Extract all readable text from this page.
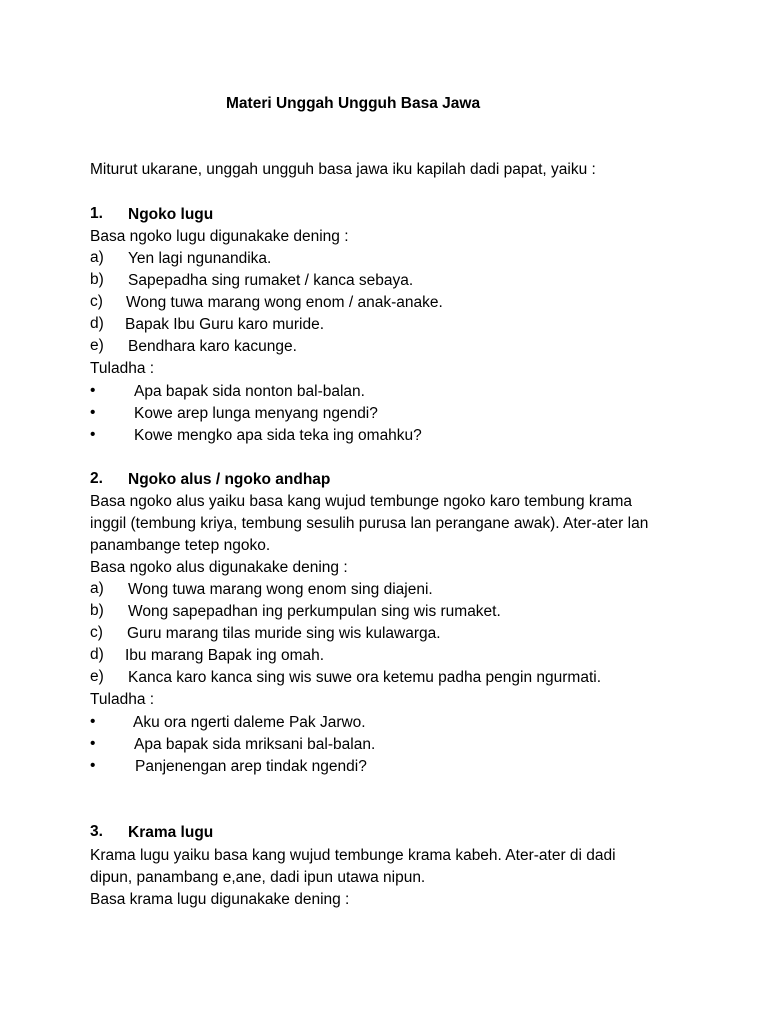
Materi Unggah Ungguh Basa Jawa
Miturut ukarane, unggah ungguh basa jawa iku kapilah dadi papat, yaiku :
1. Ngoko lugu
Basa ngoko lugu digunakake dening :
a) Yen lagi ngunandika.
b) Sapepadha sing rumaket / kanca sebaya.
c) Wong tuwa marang wong enom / anak-anake.
d) Bapak Ibu Guru karo muride.
e) Bendhara karo kacunge.
Tuladha :
• Apa bapak sida nonton bal-balan.
• Kowe arep lunga menyang ngendi?
• Kowe mengko apa sida teka ing omahku?
2. Ngoko alus / ngoko andhap
Basa ngoko alus yaiku basa kang wujud tembunge ngoko karo tembung krama
inggil (tembung kriya, tembung sesulih purusa lan perangane awak). Ater-ater lan
panambange tetep ngoko.
Basa ngoko alus digunakake dening :
a) Wong tuwa marang wong enom sing diajeni.
b) Wong sapepadhan ing perkumpulan sing wis rumaket.
c) Guru marang tilas muride sing wis kulawarga.
d) Ibu marang Bapak ing omah.
e) Kanca karo kanca sing wis suwe ora ketemu padha pengin ngurmati.
Tuladha :
• Aku ora ngerti daleme Pak Jarwo.
• Apa bapak sida mriksani bal-balan.
•	Panjenengan arep tindak ngendi?
3. Krama lugu
Krama lugu yaiku basa kang wujud tembunge krama kabeh. Ater-ater di dadi
dipun, panambang e,ane, dadi ipun utawa nipun.
Basa krama lugu digunakake dening :
